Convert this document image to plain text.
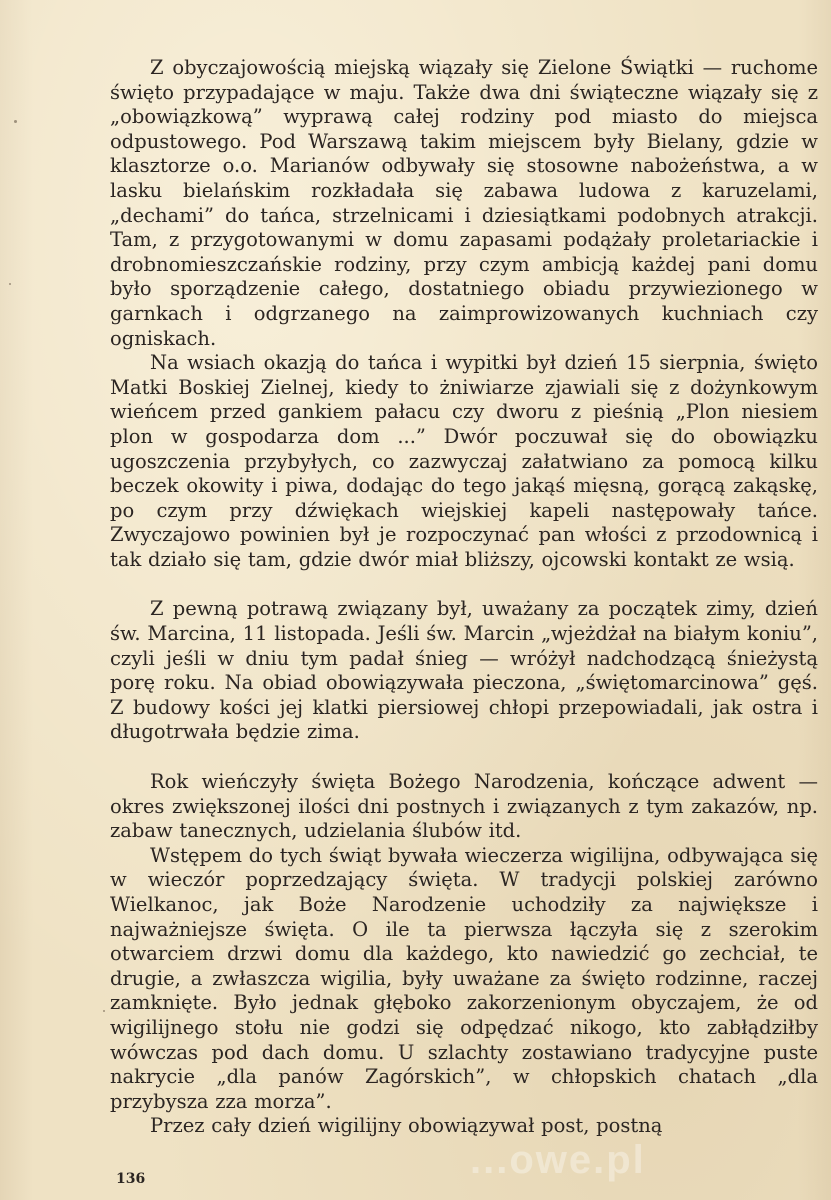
Z obyczajowością miejską wiązały się Zielone Świątki — ruchome święto przypadające w maju. Także dwa dni świąteczne wiązały się z „obowiązkową” wyprawą całej rodziny pod miasto do miejsca odpustowego. Pod Warszawą takim miejscem były Bielany, gdzie w klasztorze o.o. Marianów odbywały się stosowne nabożeństwa, a w lasku bielańskim rozkładała się zabawa ludowa z karuzelami, „dechami” do tańca, strzelnicami i dziesiątkami podobnych atrakcji. Tam, z przygotowanymi w domu zapasami podążały proletariackie i drobnomieszczańskie rodziny, przy czym ambicją każdej pani domu było sporządzenie całego, dostatniego obiadu przywiezionego w garnkach i odgrzanego na zaimprowizowanych kuchniach czy ogniskach.

Na wsiach okazją do tańca i wypitki był dzień 15 sierpnia, święto Matki Boskiej Zielnej, kiedy to żniwiarze zjawiali się z dożynkowym wieńcem przed gankiem pałacu czy dworu z pieśnią „Plon niesiem plon w gospodarza dom ...” Dwór poczuwał się do obowiązku ugoszczenia przybyłych, co zazwyczaj załatwiano za pomocą kilku beczek okowity i piwa, dodając do tego jakąś mięsną, gorącą zakąskę, po czym przy dźwiękach wiejskiej kapeli następowały tańce. Zwyczajowo powinien był je rozpoczynać pan włości z przodownicą i tak działo się tam, gdzie dwór miał bliższy, ojcowski kontakt ze wsią.

Z pewną potrawą związany był, uważany za początek zimy, dzień św. Marcina, 11 listopada. Jeśli św. Marcin „wjeżdżał na białym koniu”, czyli jeśli w dniu tym padał śnieg — wróżył nadchodzącą śnieżystą porę roku. Na obiad obowiązywała pieczona, „świętomarcinowa” gęś. Z budowy kości jej klatki piersiowej chłopi przepowiadali, jak ostra i długotrwała będzie zima.

Rok wieńczyły święta Bożego Narodzenia, kończące adwent — okres zwiększonej ilości dni postnych i związanych z tym zakazów, np. zabaw tanecznych, udzielania ślubów itd.

Wstępem do tych świąt bywała wieczerza wigilijna, odbywająca się w wieczór poprzedzający święta. W tradycji polskiej zarówno Wielkanoc, jak Boże Narodzenie uchodziły za największe i najważniejsze święta. O ile ta pierwsza łączyła się z szerokim otwarciem drzwi domu dla każdego, kto nawiedzić go zechciał, te drugie, a zwłaszcza wigilia, były uważane za święto rodzinne, raczej zamknięte. Było jednak głęboko zakorzenionym obyczajem, że od wigilijnego stołu nie godzi się odpędzać nikogo, kto zabłądziłby wówczas pod dach domu. U szlachty zostawiano tradycyjne puste nakrycie „dla panów Zagórskich”, w chłopskich chatach „dla przybysza zza morza”.

Przez cały dzień wigilijny obowiązywał post, postną

...owe.pl
136
